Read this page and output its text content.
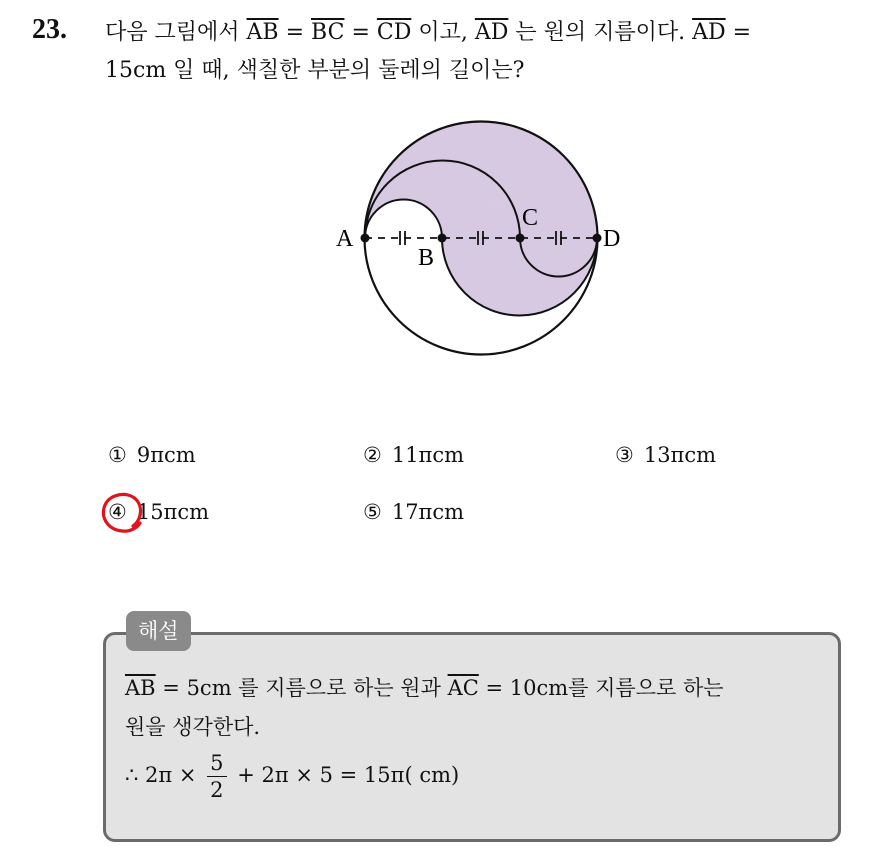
23. 다음 그림에서 $\overline{AB} = \overline{BC} = \overline{CD}$ 이고, $\overline{AD}$ 는 원의 지름이다. $\overline{AD}$ =
15cm 일 때, 색칠한 부분의 둘레의 길이는?
A
B
C
D
① 9πcm	② 11πcm	③ 13πcm
④ 15πcm	⑤ 17πcm
해설
$\overline{AB} = 5cm$ 를 지름으로 하는 원과 $\overline{AC} = 10cm$를 지름으로 하는
원을 생각한다.
∴ $2\pi \times \frac{5}{2} + 2\pi \times 5 = 15\pi$( cm)
